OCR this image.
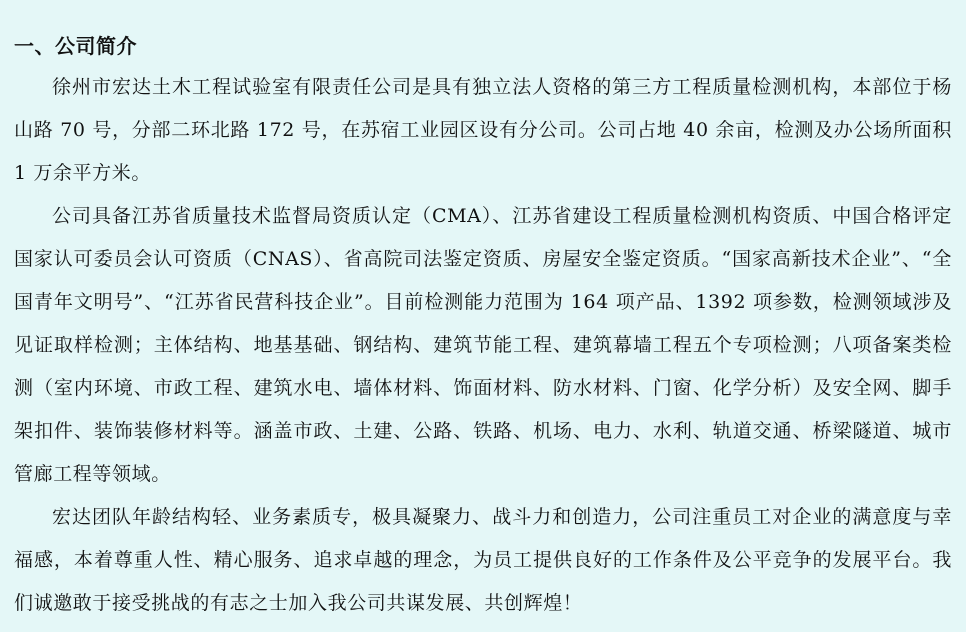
一、公司简介

徐州市宏达土木工程试验室有限责任公司是具有独立法人资格的第三方工程质量检测机构，本部位于杨山路 70 号，分部二环北路 172 号，在苏宿工业园区设有分公司。公司占地 40 余亩，检测及办公场所面积 1 万余平方米。

公司具备江苏省质量技术监督局资质认定（CMA）、江苏省建设工程质量检测机构资质、中国合格评定国家认可委员会认可资质（CNAS）、省高院司法鉴定资质、房屋安全鉴定资质。“国家高新技术企业”、“全国青年文明号”、“江苏省民营科技企业”。目前检测能力范围为 164 项产品、1392 项参数，检测领域涉及见证取样检测；主体结构、地基基础、钢结构、建筑节能工程、建筑幕墙工程五个专项检测；八项备案类检测（室内环境、市政工程、建筑水电、墙体材料、饰面材料、防水材料、门窗、化学分析）及安全网、脚手架扣件、装饰装修材料等。涵盖市政、土建、公路、铁路、机场、电力、水利、轨道交通、桥梁隧道、城市管廊工程等领域。

宏达团队年龄结构轻、业务素质专，极具凝聚力、战斗力和创造力，公司注重员工对企业的满意度与幸福感，本着尊重人性、精心服务、追求卓越的理念，为员工提供良好的工作条件及公平竞争的发展平台。我们诚邀敢于接受挑战的有志之士加入我公司共谋发展、共创辉煌！
